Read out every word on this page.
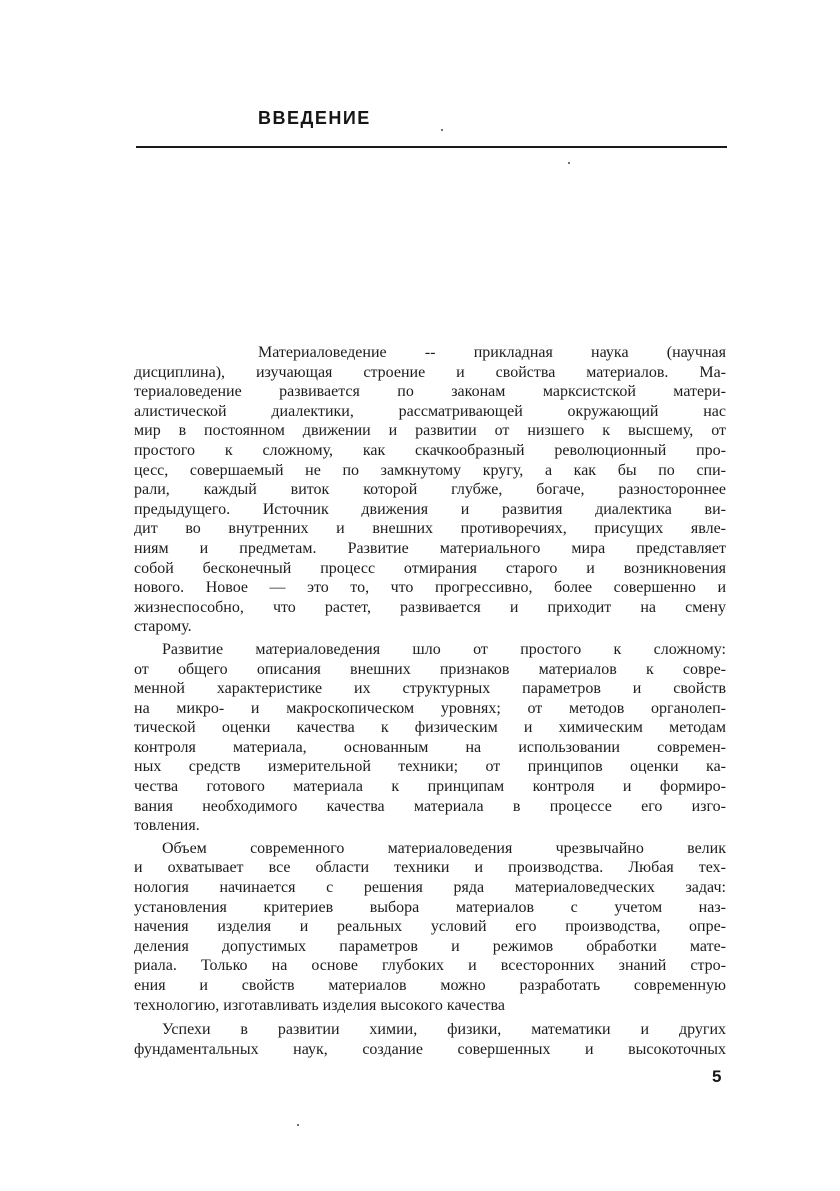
ВВЕДЕНИЕ
Материаловедение -- прикладная наука (научная
дисциплина), изучающая строение и свойства материалов. Ма-
териаловедение развивается по законам марксистской матери-
алистической диалектики, рассматривающей окружающий нас
мир в постоянном движении и развитии от низшего к высшему, от
простого к сложному, как скачкообразный революционный про-
цесс, совершаемый не по замкнутому кругу, а как бы по спи-
рали, каждый виток которой глубже, богаче, разностороннее
предыдущего. Источник движения и развития диалектика ви-
дит во внутренних и внешних противоречиях, присущих явле-
ниям и предметам. Развитие материального мира представляет
собой бесконечный процесс отмирания старого и возникновения
нового. Новое — это то, что прогрессивно, более совершенно и
жизнеспособно, что растет, развивается и приходит на смену
старому.
Развитие материаловедения шло от простого к сложному:
от общего описания внешних признаков материалов к совре-
менной характеристике их структурных параметров и свойств
на микро- и макроскопическом уровнях; от методов органолеп-
тической оценки качества к физическим и химическим методам
контроля материала, основанным на использовании современ-
ных средств измерительной техники; от принципов оценки ка-
чества готового материала к принципам контроля и формиро-
вания необходимого качества материала в процессе его изго-
товления.
Объем современного материаловедения чрезвычайно велик
и охватывает все области техники и производства. Любая тех-
нология начинается с решения ряда материаловедческих задач:
установления критериев выбора материалов с учетом наз-
начения изделия и реальных условий его производства, опре-
деления допустимых параметров и режимов обработки мате-
риала. Только на основе глубоких и всесторонних знаний стро-
ения и свойств материалов можно разработать современную
технологию, изготавливать изделия высокого качества
Успехи в развитии химии, физики, математики и других
фундаментальных наук, создание совершенных и высокоточных
5
